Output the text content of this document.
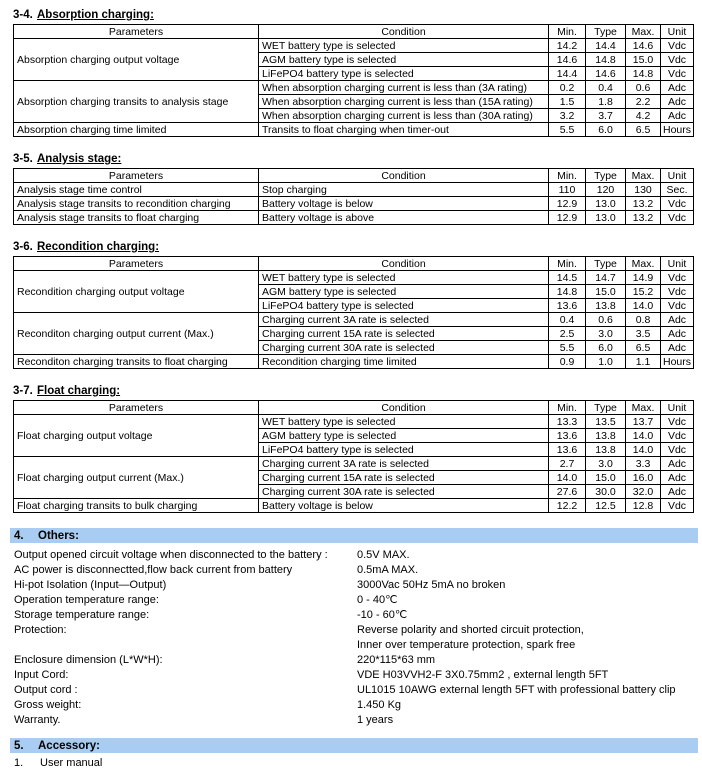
3-4. Absorption charging:
Parameters	Condition	Min.	Type	Max.	Unit
Absorption charging output voltage	WET battery type is selected	14.2	14.4	14.6	Vdc
	AGM battery type is selected	14.6	14.8	15.0	Vdc
	LiFePO4 battery type is selected	14.4	14.6	14.8	Vdc
Absorption charging transits to analysis stage	When absorption charging current is less than (3A rating)	0.2	0.4	0.6	Adc
	When absorption charging current is less than (15A rating)	1.5	1.8	2.2	Adc
	When absorption charging current is less than (30A rating)	3.2	3.7	4.2	Adc
Absorption charging time limited	Transits to float charging when timer-out	5.5	6.0	6.5	Hours
3-5. Analysis stage:
Parameters	Condition	Min.	Type	Max.	Unit
Analysis stage time control	Stop charging	110	120	130	Sec.
Analysis stage transits to recondition charging	Battery voltage is below	12.9	13.0	13.2	Vdc
Analysis stage transits to float charging	Battery voltage is above	12.9	13.0	13.2	Vdc
3-6. Recondition charging:
Parameters	Condition	Min.	Type	Max.	Unit
Recondition charging output voltage	WET battery type is selected	14.5	14.7	14.9	Vdc
	AGM battery type is selected	14.8	15.0	15.2	Vdc
	LiFePO4 battery type is selected	13.6	13.8	14.0	Vdc
Reconditon charging output current (Max.)	Charging current 3A rate is selected	0.4	0.6	0.8	Adc
	Charging current 15A rate is selected	2.5	3.0	3.5	Adc
	Charging current 30A rate is selected	5.5	6.0	6.5	Adc
Reconditon charging transits to float charging	Recondition charging time limited	0.9	1.0	1.1	Hours
3-7. Float charging:
Parameters	Condition	Min.	Type	Max.	Unit
Float charging output voltage	WET battery type is selected	13.3	13.5	13.7	Vdc
	AGM battery type is selected	13.6	13.8	14.0	Vdc
	LiFePO4 battery type is selected	13.6	13.8	14.0	Vdc
Float charging output current (Max.)	Charging current 3A rate is selected	2.7	3.0	3.3	Adc
	Charging current 15A rate is selected	14.0	15.0	16.0	Adc
	Charging current 30A rate is selected	27.6	30.0	32.0	Adc
Float charging transits to bulk charging	Battery voltage is below	12.2	12.5	12.8	Vdc
4.	Others:
Output opened circuit voltage when disconnected to the battery :	0.5V MAX.
AC power is disconnectted,flow back current from battery	0.5mA MAX.
Hi-pot Isolation (Input—Output)	3000Vac 50Hz 5mA no broken
Operation temperature range:	0 - 40℃
Storage temperature range:	-10 - 60℃
Protection:	Reverse polarity and shorted circuit protection,
Inner over temperature protection, spark free
Enclosure dimension (L*W*H):	220*115*63 mm
Input Cord:	VDE H03VVH2-F 3X0.75mm2 , external length 5FT
Output cord :	UL1015 10AWG external length 5FT with professional battery clip
Gross weight:	1.450 Kg
Warranty.	1 years
5.	Accessory:
1. User manual
